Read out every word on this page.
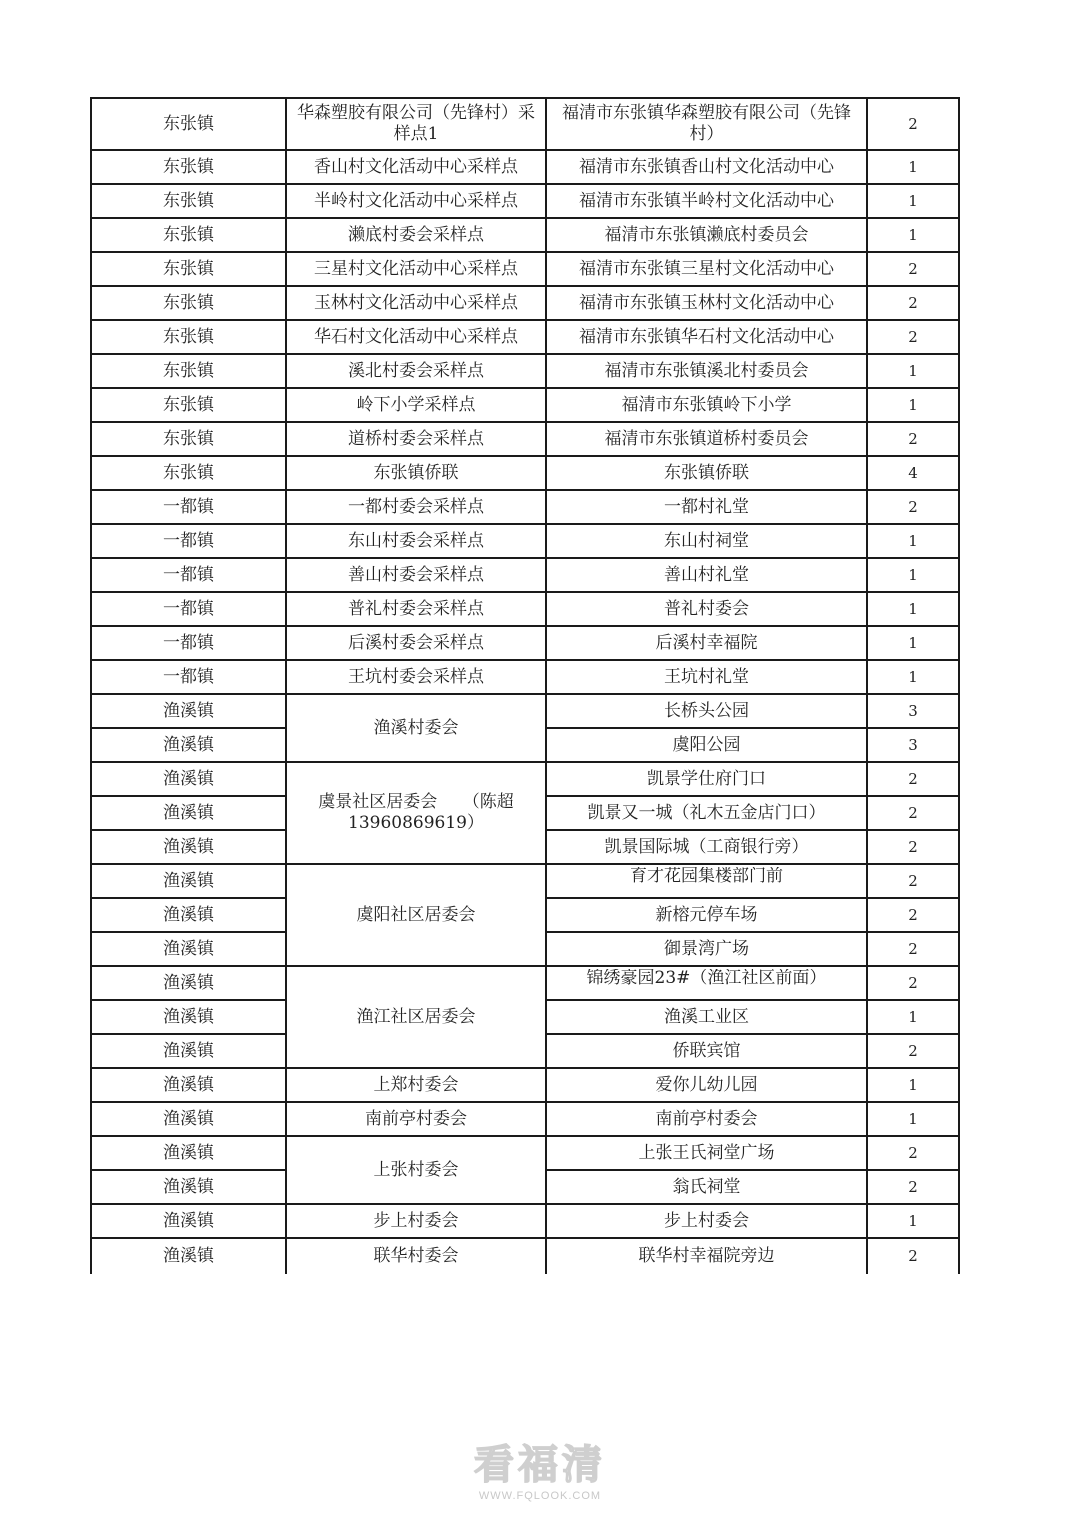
东张镇	华森塑胶有限公司（先锋村）采样点1	福清市东张镇华森塑胶有限公司（先锋村）	2
东张镇	香山村文化活动中心采样点	福清市东张镇香山村文化活动中心	1
东张镇	半岭村文化活动中心采样点	福清市东张镇半岭村文化活动中心	1
东张镇	濑底村委会采样点	福清市东张镇濑底村委员会	1
东张镇	三星村文化活动中心采样点	福清市东张镇三星村文化活动中心	2
东张镇	玉林村文化活动中心采样点	福清市东张镇玉林村文化活动中心	2
东张镇	华石村文化活动中心采样点	福清市东张镇华石村文化活动中心	2
东张镇	溪北村委会采样点	福清市东张镇溪北村委员会	1
东张镇	岭下小学采样点	福清市东张镇岭下小学	1
东张镇	道桥村委会采样点	福清市东张镇道桥村委员会	2
东张镇	东张镇侨联	东张镇侨联	4
一都镇	一都村委会采样点	一都村礼堂	2
一都镇	东山村委会采样点	东山村祠堂	1
一都镇	善山村委会采样点	善山村礼堂	1
一都镇	普礼村委会采样点	普礼村委会	1
一都镇	后溪村委会采样点	后溪村幸福院	1
一都镇	王坑村委会采样点	王坑村礼堂	1
渔溪镇	渔溪村委会	长桥头公园	3
渔溪镇		虞阳公园	3
渔溪镇	虞景社区居委会　　（陈超13960869619）	凯景学仕府门口	2
渔溪镇		凯景又一城（礼木五金店门口）	2
渔溪镇		凯景国际城（工商银行旁）	2
渔溪镇	虞阳社区居委会	育才花园集楼部门前	2
渔溪镇		新榕元停车场	2
渔溪镇		御景湾广场	2
渔溪镇	渔江社区居委会	锦绣豪园23#（渔江社区前面）	2
渔溪镇		渔溪工业区	1
渔溪镇		侨联宾馆	2
渔溪镇	上郑村委会	爱你儿幼儿园	1
渔溪镇	南前亭村委会	南前亭村委会	1
渔溪镇	上张村委会	上张王氏祠堂广场	2
渔溪镇		翁氏祠堂	2
渔溪镇	步上村委会	步上村委会	1
渔溪镇	联华村委会	联华村幸福院旁边	2
看福清
WWW.FQLOOK.COM
